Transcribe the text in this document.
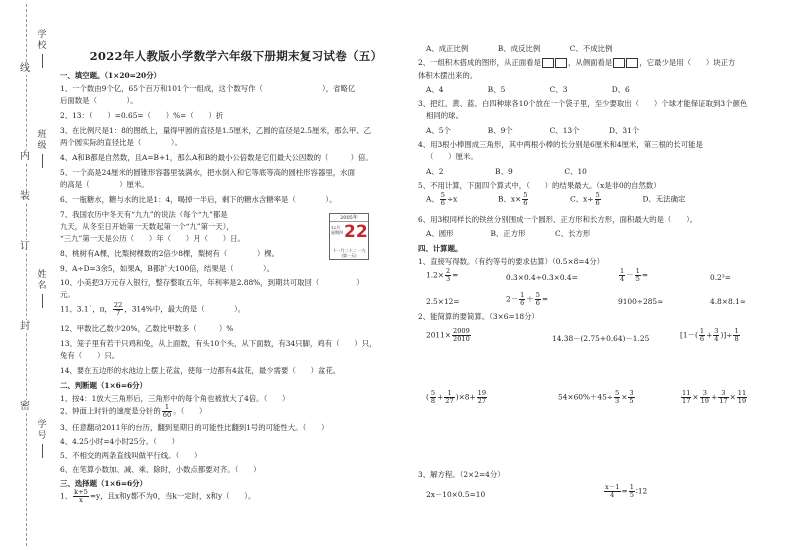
线
内
装
订
封
密
学校
班级
姓名
学号
2022年人教版小学数学六年级下册期末复习试卷（五）
一、填空题。（1×20=20分）
1、一个数由9个亿，65个百万和101个一组成，这个数写作（　　　　　　　　），省略亿
后面数是（　　　　）。
2、13：（　　）=0.65=（　　）%=（　　）折
3、在比例尺是1：8的图纸上，量得甲圆的直径是1.5厘米，乙圆的直径是2.5厘米，那么甲、乙
两个圆实际的直径比是（　　　　）。
4、A和B都是自然数，且A=B+1，那么A和B的最小公倍数是它们最大公因数的（　　　）倍。
5、一个高是24厘米的圆锥形容器里装满水，把水倒入和它等底等高的圆柱形容器里，水面
的高是（　　　　）厘米。
6、一瓶糖水，糖与水的比是1：4，喝掉一半后，剩下的糖水含糖率是（　　　　）。
7、我国农历中冬天有“九九”的说法（每个“九”都是
九天，从冬至日开始第一天数起第一个“九”第一天），
“三九”第一天是公历（　　）年（　　）月（　　）日。
8、桃树有A棵，比梨树棵数的2倍少8棵，梨树有（　　　　）棵。
9、A÷D=3余5，如果A，B都扩大100倍，结果是（　　　　）。
10、小美把3万元存入银行，整存整取五年，年利率是2.88%，到期共可取回（　　　　　）
元。
11、3.1˙，π， $\frac{22}{7}$ ，314%中，最大的是（　　　　）。
12、甲数比乙数少20%，乙数比甲数多（　　　）%
13、笼子里有若干只鸡和兔，从上面数，有头10个头，从下面数，有34只脚，鸡有（　　）只，
兔有（　　）只。
14、要在五边形的水池边上摆上花盆，使每一边都有4盆花，最少需要（　　）盆花。
二、判断题（1×6=6分）
1、按4：1放大三角形后，三角形中的每个角也被放大了4倍。（　　）
2、钟面上时针的速度是分针的 $\frac{1}{60}$ 。（　　）
3、任意翻动2011年的台历，翻到星期日的可能性比翻到1号的可能性大。（　　）
4、4.25小时=4小时25分。（　　）
5、不相交的两条直线叫做平行线。（　　）
6、在笔算小数加、减、乘、除时，小数点都要对齐。（　　）
三、选择题（1×6=6分）
1、 $\frac{k+5}{x} =y$，且x和y都不为0，当k一定时，x和y（　　）。
2005年
12月 星期四 22
十一月二十二 一九(第一天)
A、成正比例　　　　B、成反比例　　　　C、不成比例
2、一组积木搭成的图形，从正面看是	，从侧面看是	，它最少是用（　　）块正方
体积木摆出来的。
A、4　　　　　　B、5　　　　　　C、3　　　　　　D、6
3、把红、黄、蓝、白四种球各10个放在一个袋子里，至少要取出（　　）个球才能保证取到3个颜色
相同的球。
A、5个　　　　　B、9个　　　　　C、13个　　　　D、31个
4、用3根小棒围成三角形，其中两根小棒的长分别是6厘米和4厘米，第三根的长可能是
（　　）厘米。
A、2　　　　　　　B、9　　　　　　　C、10
5、不用计算，下面四个算式中，（　　）的结果最大。（x是非0的自然数）
A、 $\frac{5}{6} \div x$	B、$x\times \frac{5}{6}$	C、$x\div \frac{5}{6}$	D、无法确定
6、用3根同样长的铁丝分别围成一个圆形、正方形和长方形，面积最大的是（　　）。
A、圆形　　　　　B、正方形　　　　C、长方形
四、计算题。
1、直接写得数。（有约等号的要求估算）（0.5×8=4分）
$1.2\times \frac{2}{3}$ =	0.3×0.4÷0.3×0.4=	$\frac{1}{4} - \frac{1}{5}$ =	0.2³=
2.5×12=	$2- \frac{1}{6} + \frac{5}{6}$ =	9100÷285≈	4.8×8.1≈
2、能简算的要简算。（3×6=18分）
$2011\times \frac{2009}{2010}$	14.38－(2.75+0.64)－1.25	[$1-( \frac{1}{6} + \frac{3}{4}$ )]÷ $\frac{1}{8}$
( $\frac{5}{8} + \frac{1}{27} )\times 8+ \frac{19}{27}$	$54\times 60\%+45\div \frac{5}{3} \times \frac{3}{5}$	$\frac{11}{17} \times \frac{3}{19} + \frac{3}{17} \times \frac{11}{19}$
3、解方程。（2×2=4分）
2x－10×0.5=10	$\frac{x-1}{4} = \frac{1}{5}$ ∶12
